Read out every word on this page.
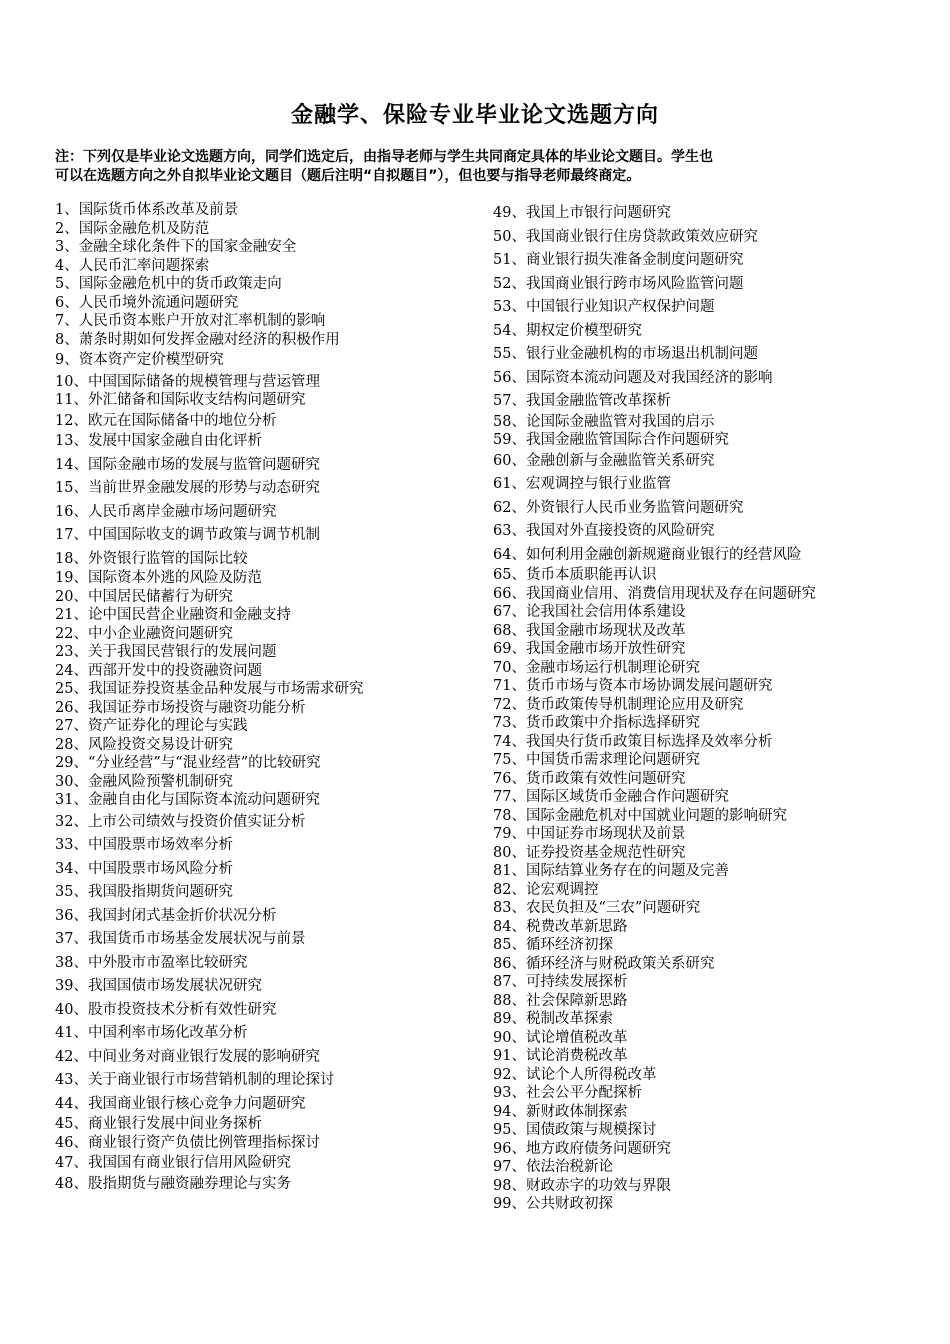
金融学、保险专业毕业论文选题方向
注：下列仅是毕业论文选题方向，同学们选定后，由指导老师与学生共同商定具体的毕业论文题目。学生也
可以在选题方向之外自拟毕业论文题目（题后注明“自拟题目”），但也要与指导老师最终商定。
1、国际货币体系改革及前景
2、国际金融危机及防范
3、金融全球化条件下的国家金融安全
4、人民币汇率问题探索
5、国际金融危机中的货币政策走向
6、人民币境外流通问题研究
7、人民币资本账户开放对汇率机制的影响
8、萧条时期如何发挥金融对经济的积极作用
9、资本资产定价模型研究
10、中国国际储备的规模管理与营运管理
11、外汇储备和国际收支结构问题研究
12、欧元在国际储备中的地位分析
13、发展中国家金融自由化评析
14、国际金融市场的发展与监管问题研究
15、当前世界金融发展的形势与动态研究
16、人民币离岸金融市场问题研究
17、中国国际收支的调节政策与调节机制
18、外资银行监管的国际比较
19、国际资本外逃的风险及防范
20、中国居民储蓄行为研究
21、论中国民营企业融资和金融支持
22、中小企业融资问题研究
23、关于我国民营银行的发展问题
24、西部开发中的投资融资问题
25、我国证券投资基金品种发展与市场需求研究
26、我国证券市场投资与融资功能分析
27、资产证券化的理论与实践
28、风险投资交易设计研究
29、“分业经营”与“混业经营”的比较研究
30、金融风险预警机制研究
31、金融自由化与国际资本流动问题研究
32、上市公司绩效与投资价值实证分析
33、中国股票市场效率分析
34、中国股票市场风险分析
35、我国股指期货问题研究
36、我国封闭式基金折价状况分析
37、我国货币市场基金发展状况与前景
38、中外股市市盈率比较研究
39、我国国债市场发展状况研究
40、股市投资技术分析有效性研究
41、中国利率市场化改革分析
42、中间业务对商业银行发展的影响研究
43、关于商业银行市场营销机制的理论探讨
44、我国商业银行核心竞争力问题研究
45、商业银行发展中间业务探析
46、商业银行资产负债比例管理指标探讨
47、我国国有商业银行信用风险研究
48、股指期货与融资融券理论与实务
49、我国上市银行问题研究
50、我国商业银行住房贷款政策效应研究
51、商业银行损失准备金制度问题研究
52、我国商业银行跨市场风险监管问题
53、中国银行业知识产权保护问题
54、期权定价模型研究
55、银行业金融机构的市场退出机制问题
56、国际资本流动问题及对我国经济的影响
57、我国金融监管改革探析
58、论国际金融监管对我国的启示
59、我国金融监管国际合作问题研究
60、金融创新与金融监管关系研究
61、宏观调控与银行业监管
62、外资银行人民币业务监管问题研究
63、我国对外直接投资的风险研究
64、如何利用金融创新规避商业银行的经营风险
65、货币本质职能再认识
66、我国商业信用、消费信用现状及存在问题研究
67、论我国社会信用体系建设
68、我国金融市场现状及改革
69、我国金融市场开放性研究
70、金融市场运行机制理论研究
71、货币市场与资本市场协调发展问题研究
72、货币政策传导机制理论应用及研究
73、货币政策中介指标选择研究
74、我国央行货币政策目标选择及效率分析
75、中国货币需求理论问题研究
76、货币政策有效性问题研究
77、国际区域货币金融合作问题研究
78、国际金融危机对中国就业问题的影响研究
79、中国证券市场现状及前景
80、证券投资基金规范性研究
81、国际结算业务存在的问题及完善
82、论宏观调控
83、农民负担及“三农”问题研究
84、税费改革新思路
85、循环经济初探
86、循环经济与财税政策关系研究
87、可持续发展探析
88、社会保障新思路
89、税制改革探索
90、试论增值税改革
91、试论消费税改革
92、试论个人所得税改革
93、社会公平分配探析
94、新财政体制探索
95、国债政策与规模探讨
96、地方政府债务问题研究
97、依法治税新论
98、财政赤字的功效与界限
99、公共财政初探
